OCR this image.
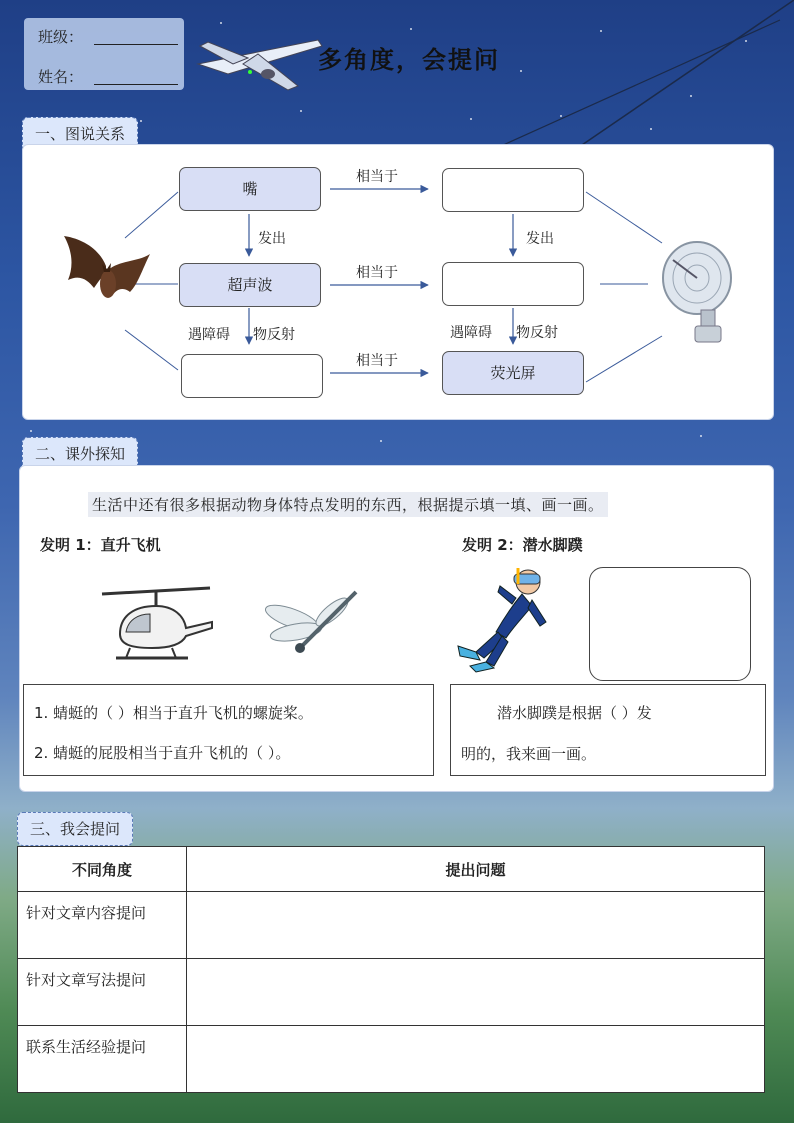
班级：
姓名：
多角度，会提问
一、图说关系
嘴
超声波
荧光屏
相当于
相当于
相当于
发出	发出
遇障碍 物反射	遇障碍 物反射
二、课外探知
生活中还有很多根据动物身体特点发明的东西，根据提示填一填、画一画。
发明 1：直升飞机	发明 2：潜水脚蹼
1. 蜻蜓的（ ）相当于直升飞机的螺旋桨。
2. 蜻蜓的屁股相当于直升飞机的（ ）。
潜水脚蹼是根据（ ）发
明的，我来画一画。
三、我会提问
不同角度	提出问题
针对文章内容提问	
针对文章写法提问	
联系生活经验提问	
